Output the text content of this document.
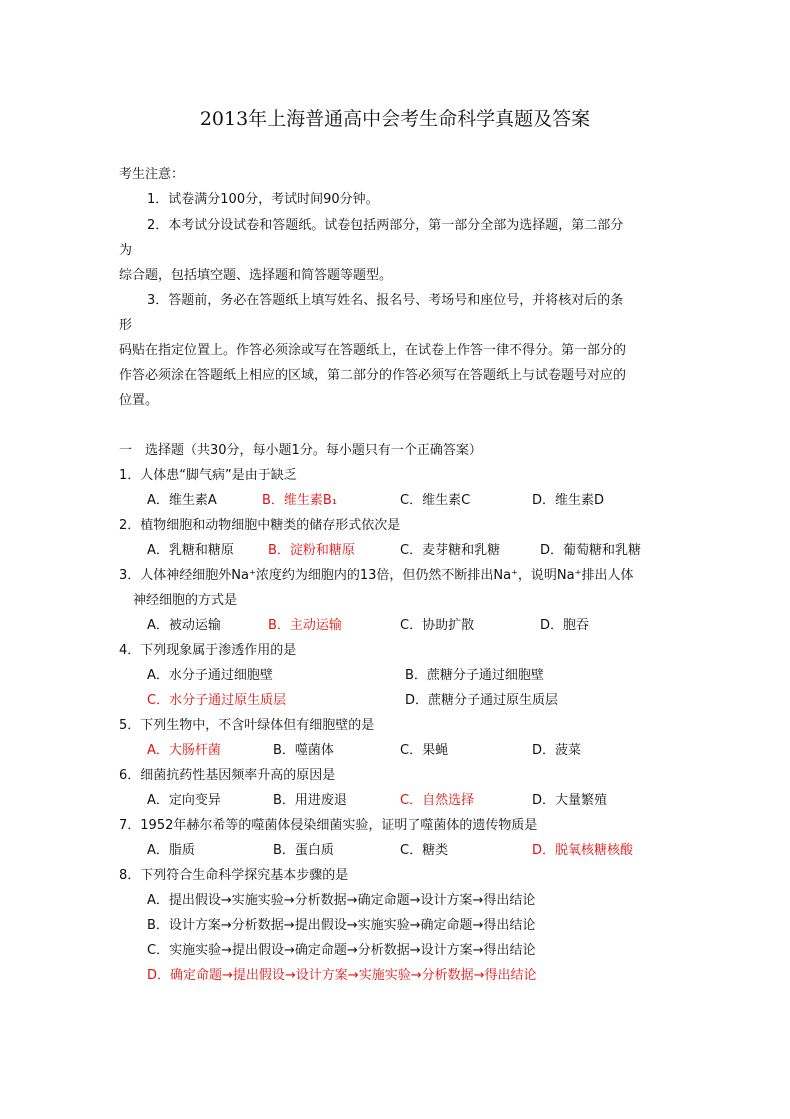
2013年上海普通高中会考生命科学真题及答案
考生注意：
1．试卷满分100分，考试时间90分钟。
2．本考试分设试卷和答题纸。试卷包括两部分，第一部分全部为选择题，第二部分
为
综合题，包括填空题、选择题和简答题等题型。
3．答题前，务必在答题纸上填写姓名、报名号、考场号和座位号，并将核对后的条
形
码贴在指定位置上。作答必须涂或写在答题纸上，在试卷上作答一律不得分。第一部分的
作答必须涂在答题纸上相应的区域，第二部分的作答必须写在答题纸上与试卷题号对应的
位置。
一　选择题（共30分，每小题1分。每小题只有一个正确答案）
1．人体患“脚气病”是由于缺乏
A．维生素A	B．维生素B₁	C．维生素C	D．维生素D
2．植物细胞和动物细胞中糖类的储存形式依次是
A．乳糖和糖原	B．淀粉和糖原	C．麦芽糖和乳糖	D．葡萄糖和乳糖
3．人体神经细胞外Na⁺浓度约为细胞内的13倍，但仍然不断排出Na⁺，说明Na⁺排出人体
神经细胞的方式是
A．被动运输	B．主动运输	C．协助扩散	D．胞吞
4．下列现象属于渗透作用的是
A．水分子通过细胞壁	B．蔗糖分子通过细胞壁
C．水分子通过原生质层	D．蔗糖分子通过原生质层
5．下列生物中，不含叶绿体但有细胞壁的是
A．大肠杆菌	B．噬菌体	C．果蝇	D．菠菜
6．细菌抗药性基因频率升高的原因是
A．定向变异	B．用进废退	C．自然选择	D．大量繁殖
7．1952年赫尔希等的噬菌体侵染细菌实验，证明了噬菌体的遗传物质是
A．脂质	B．蛋白质	C．糖类	D．脱氧核糖核酸
8．下列符合生命科学探究基本步骤的是
A．提出假设→实施实验→分析数据→确定命题→设计方案→得出结论
B．设计方案→分析数据→提出假设→实施实验→确定命题→得出结论
C．实施实验→提出假设→确定命题→分析数据→设计方案→得出结论
D．确定命题→提出假设→设计方案→实施实验→分析数据→得出结论
